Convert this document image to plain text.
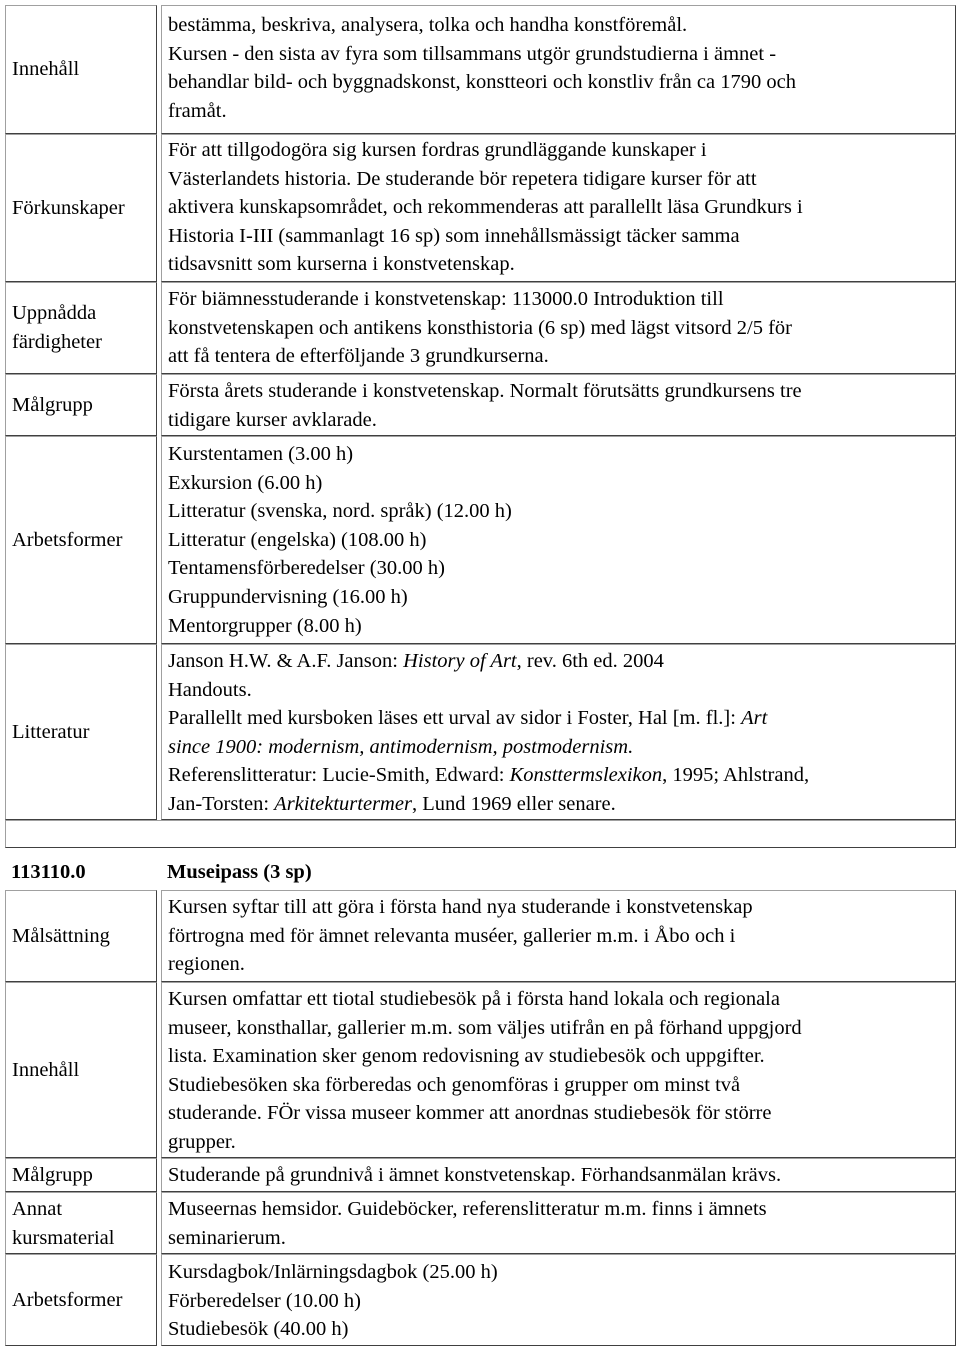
Innehåll
bestämma, beskriva, analysera, tolka och handha konstföremål.
Kursen - den sista av fyra som tillsammans utgör grundstudierna i ämnet -
behandlar bild- och byggnadskonst, konstteori och konstliv från ca 1790 och
framåt.
Förkunskaper
För att tillgodogöra sig kursen fordras grundläggande kunskaper i
Västerlandets historia. De studerande bör repetera tidigare kurser för att
aktivera kunskapsområdet, och rekommenderas att parallellt läsa Grundkurs i
Historia I-III (sammanlagt 16 sp) som innehållsmässigt täcker samma
tidsavsnitt som kurserna i konstvetenskap.
Uppnådda
färdigheter
För biämnesstuderande i konstvetenskap: 113000.0 Introduktion till
konstvetenskapen och antikens konsthistoria (6 sp) med lägst vitsord 2/5 för
att få tentera de efterföljande 3 grundkurserna.
Målgrupp
Första årets studerande i konstvetenskap. Normalt förutsätts grundkursens tre
tidigare kurser avklarade.
Arbetsformer
Kurstentamen (3.00 h)
Exkursion (6.00 h)
Litteratur (svenska, nord. språk) (12.00 h)
Litteratur (engelska) (108.00 h)
Tentamensförberedelser (30.00 h)
Gruppundervisning (16.00 h)
Mentorgrupper (8.00 h)
Litteratur
Janson H.W. & A.F. Janson: History of Art, rev. 6th ed. 2004
Handouts.
Parallellt med kursboken läses ett urval av sidor i Foster, Hal [m. fl.]: Art
since 1900: modernism, antimodernism, postmodernism.
Referenslitteratur: Lucie-Smith, Edward: Konsttermslexikon, 1995; Ahlstrand,
Jan-Torsten: Arkitekturtermer, Lund 1969 eller senare.
113110.0	Museipass (3 sp)
Målsättning
Kursen syftar till att göra i första hand nya studerande i konstvetenskap
förtrogna med för ämnet relevanta muséer, gallerier m.m. i Åbo och i
regionen.
Innehåll
Kursen omfattar ett tiotal studiebesök på i första hand lokala och regionala
museer, konsthallar, gallerier m.m. som väljes utifrån en på förhand uppgjord
lista. Examination sker genom redovisning av studiebesök och uppgifter.
Studiebesöken ska förberedas och genomföras i grupper om minst två
studerande. FÖr vissa museer kommer att anordnas studiebesök för större
grupper.
Målgrupp	Studerande på grundnivå i ämnet konstvetenskap. Förhandsanmälan krävs.
Annat
kursmaterial
Museernas hemsidor. Guideböcker, referenslitteratur m.m. finns i ämnets
seminarierum.
Arbetsformer
Kursdagbok/Inlärningsdagbok (25.00 h)
Förberedelser (10.00 h)
Studiebesök (40.00 h)
